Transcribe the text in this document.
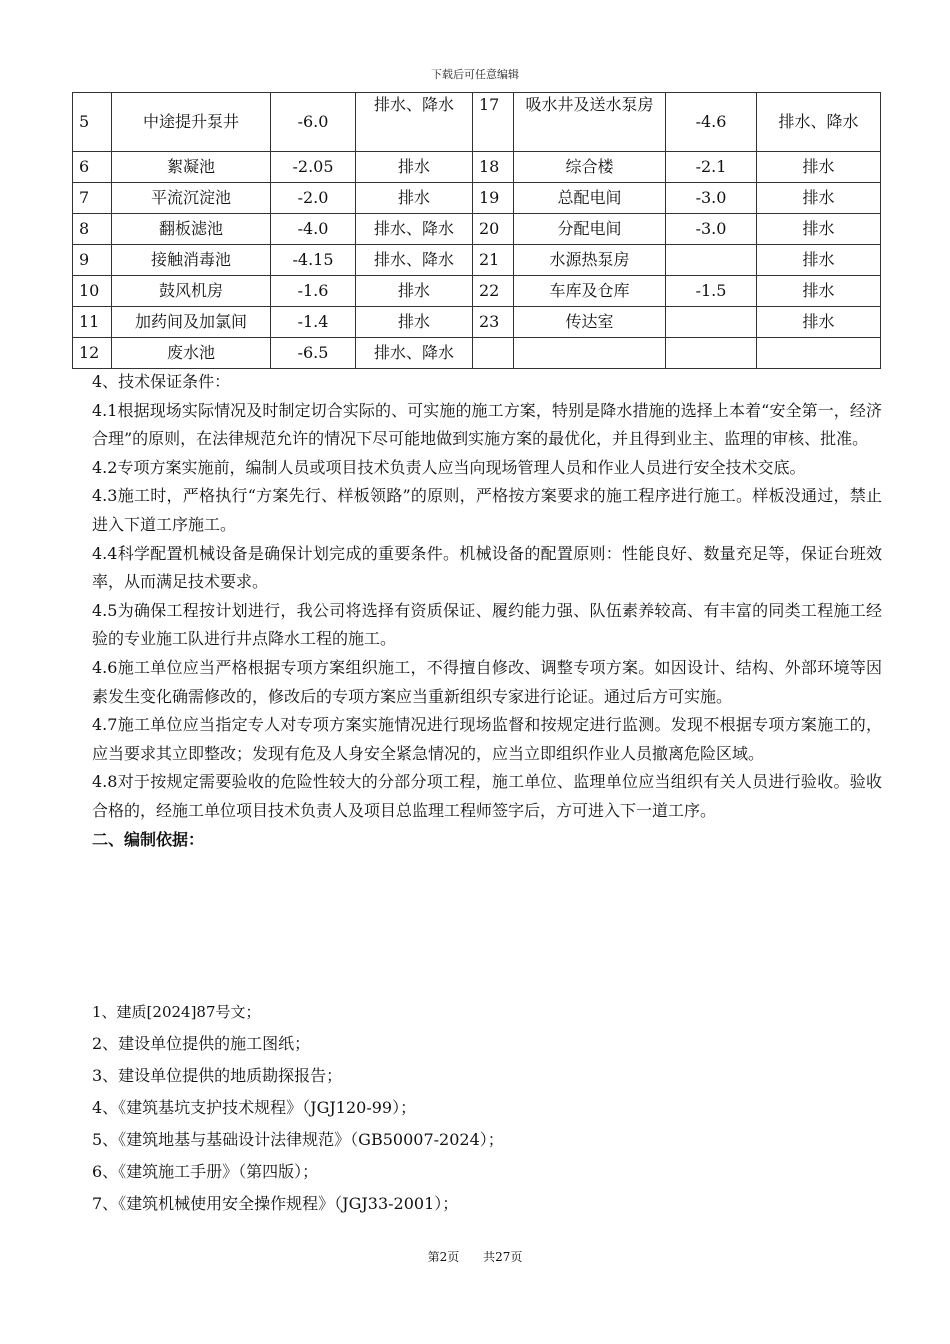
下载后可任意编辑
5	中途提升泵井	-6.0	排水、降水	17	吸水井及送水泵房	-4.6	排水、降水
6	絮凝池	-2.05	排水	18	综合楼	-2.1	排水
7	平流沉淀池	-2.0	排水	19	总配电间	-3.0	排水
8	翻板滤池	-4.0	排水、降水	20	分配电间	-3.0	排水
9	接触消毒池	-4.15	排水、降水	21	水源热泵房		排水
10	鼓风机房	-1.6	排水	22	车库及仓库	-1.5	排水
11	加药间及加氯间	-1.4	排水	23	传达室		排水
12	废水池	-6.5	排水、降水				

4、技术保证条件：

4.1根据现场实际情况及时制定切合实际的、可实施的施工方案，特别是降水措施的选择上本着“安全第一，经济合理”的原则，在法律规范允许的情况下尽可能地做到实施方案的最优化，并且得到业主、监理的审核、批准。

4.2专项方案实施前，编制人员或项目技术负责人应当向现场管理人员和作业人员进行安全技术交底。

4.3施工时，严格执行“方案先行、样板领路”的原则，严格按方案要求的施工程序进行施工。样板没通过，禁止进入下道工序施工。

4.4科学配置机械设备是确保计划完成的重要条件。机械设备的配置原则：性能良好、数量充足等，保证台班效率，从而满足技术要求。

4.5为确保工程按计划进行，我公司将选择有资质保证、履约能力强、队伍素养较高、有丰富的同类工程施工经验的专业施工队进行井点降水工程的施工。

4.6施工单位应当严格根据专项方案组织施工，不得擅自修改、调整专项方案。如因设计、结构、外部环境等因素发生变化确需修改的，修改后的专项方案应当重新组织专家进行论证。通过后方可实施。

4.7施工单位应当指定专人对专项方案实施情况进行现场监督和按规定进行监测。发现不根据专项方案施工的，应当要求其立即整改；发现有危及人身安全紧急情况的，应当立即组织作业人员撤离危险区域。

4.8对于按规定需要验收的危险性较大的分部分项工程，施工单位、监理单位应当组织有关人员进行验收。验收合格的，经施工单位项目技术负责人及项目总监理工程师签字后，方可进入下一道工序。

二、编制依据：

1、建质[2024]87号文；

2、建设单位提供的施工图纸；

3、建设单位提供的地质勘探报告；

4、《建筑基坑支护技术规程》（JGJ120-99）；

5、《建筑地基与基础设计法律规范》（GB50007-2024）；

6、《建筑施工手册》（第四版）；

7、《建筑机械使用安全操作规程》（JGJ33-2001）；

第2页 共27页
